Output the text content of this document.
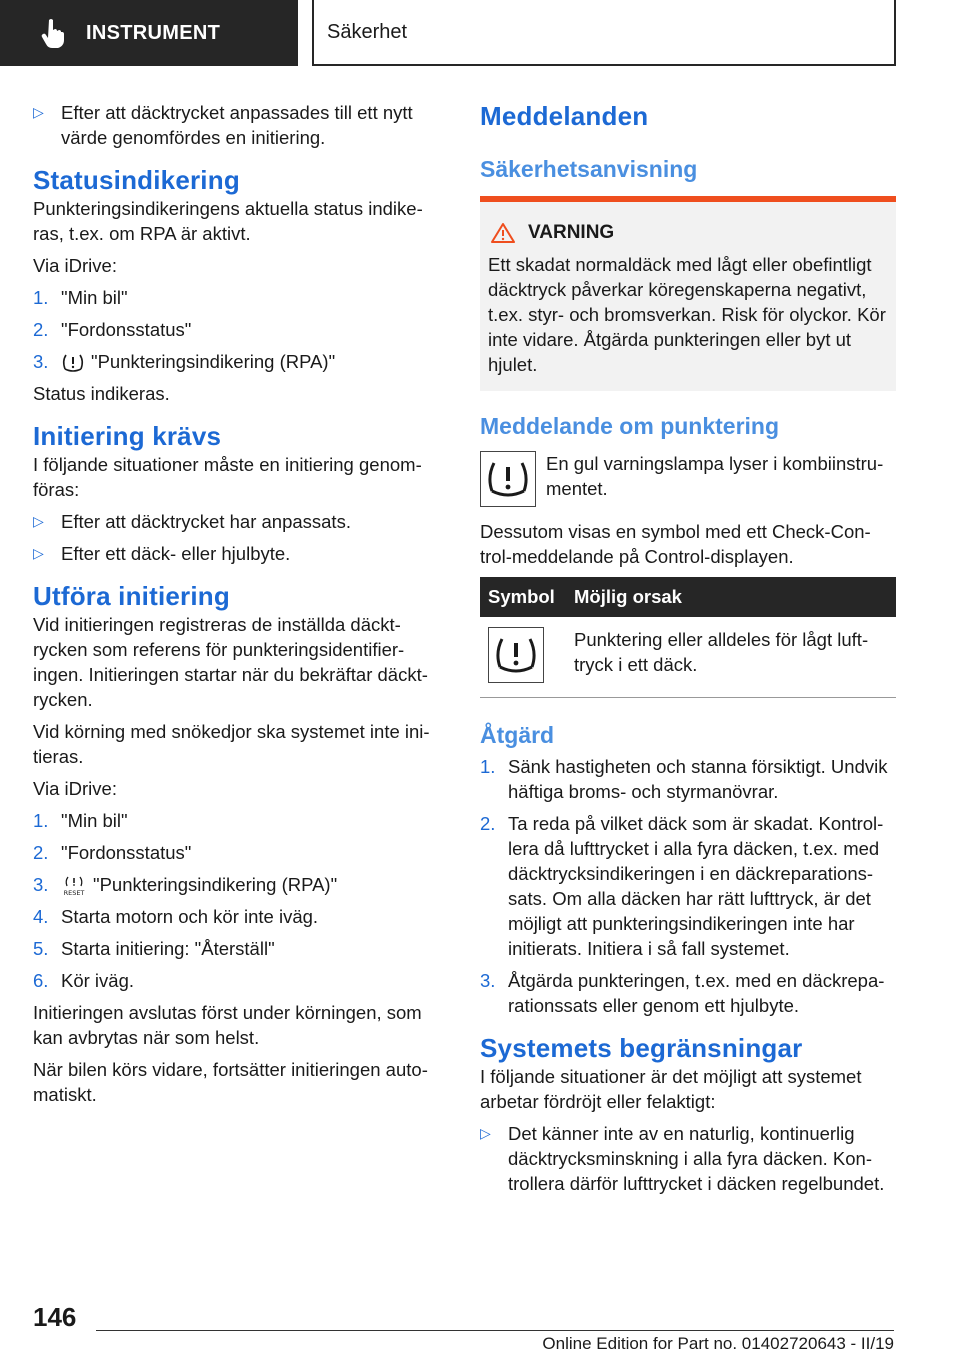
INSTRUMENT	Säkerhet
▷ Efter att däcktrycket anpassades till ett nytt värde genomfördes en initiering.
Statusindikering

Punkteringsindikeringens aktuella status indikeras, t.ex. om RPA är aktivt.

Via iDrive:

1. "Min bil"
2. "Fordonsstatus"
3. "Punkteringsindikering (RPA)"

Status indikeras.

Initiering krävs

I följande situationer måste en initiering genomföras:

▷ Efter att däcktrycket har anpassats.
▷ Efter ett däck- eller hjulbyte.
Utföra initiering

Vid initieringen registreras de inställda däcktrycken som referens för punkteringsidentifieringen. Initieringen startar när du bekräftar däcktrycken.

Vid körning med snökedjor ska systemet inte initieras.

Via iDrive:

1. "Min bil"
2. "Fordonsstatus"
3. RESET "Punkteringsindikering (RPA)"
4. Starta motorn och kör inte iväg.
5. Starta initiering: "Återställ"
6. Kör iväg.

Initieringen avslutas först under körningen, som kan avbrytas när som helst.

När bilen körs vidare, fortsätter initieringen automatiskt.

Meddelanden
Säkerhetsanvisning
VARNING

Ett skadat normaldäck med lågt eller obefintligt däcktryck påverkar köregenskaperna negativt, t.ex. styr- och bromsverkan. Risk för olyckor. Kör inte vidare. Åtgärda punkteringen eller byt ut hjulet.

Meddelande om punktering

En gul varningslampa lyser i kombiinstrumentet.

Dessutom visas en symbol med ett Check-Control-meddelande på Control-displayen.

Symbol	Möjlig orsak

	Punktering eller alldeles för lågt lufttryck i ett däck.
Åtgärd
1. Sänk hastigheten och stanna försiktigt. Undvik häftiga broms- och styrmanövrar.
2. Ta reda på vilket däck som är skadat. Kontrollera då lufttrycket i alla fyra däcken, t.ex. med däcktrycksindikeringen i en däckreparationssats. Om alla däcken har rätt lufttryck, är det möjligt att punkteringsindikeringen inte har initierats. Initiera i så fall systemet.
3. Åtgärda punkteringen, t.ex. med en däckreparationssats eller genom ett hjulbyte.
Systemets begränsningar

I följande situationer är det möjligt att systemet arbetar fördröjt eller felaktigt:

▷ Det känner inte av en naturlig, kontinuerlig däcktrycksminskning i alla fyra däcken. Kontrollera därför lufttrycket i däcken regelbundet.
146
Online Edition for Part no. 01402720643 - II/19
